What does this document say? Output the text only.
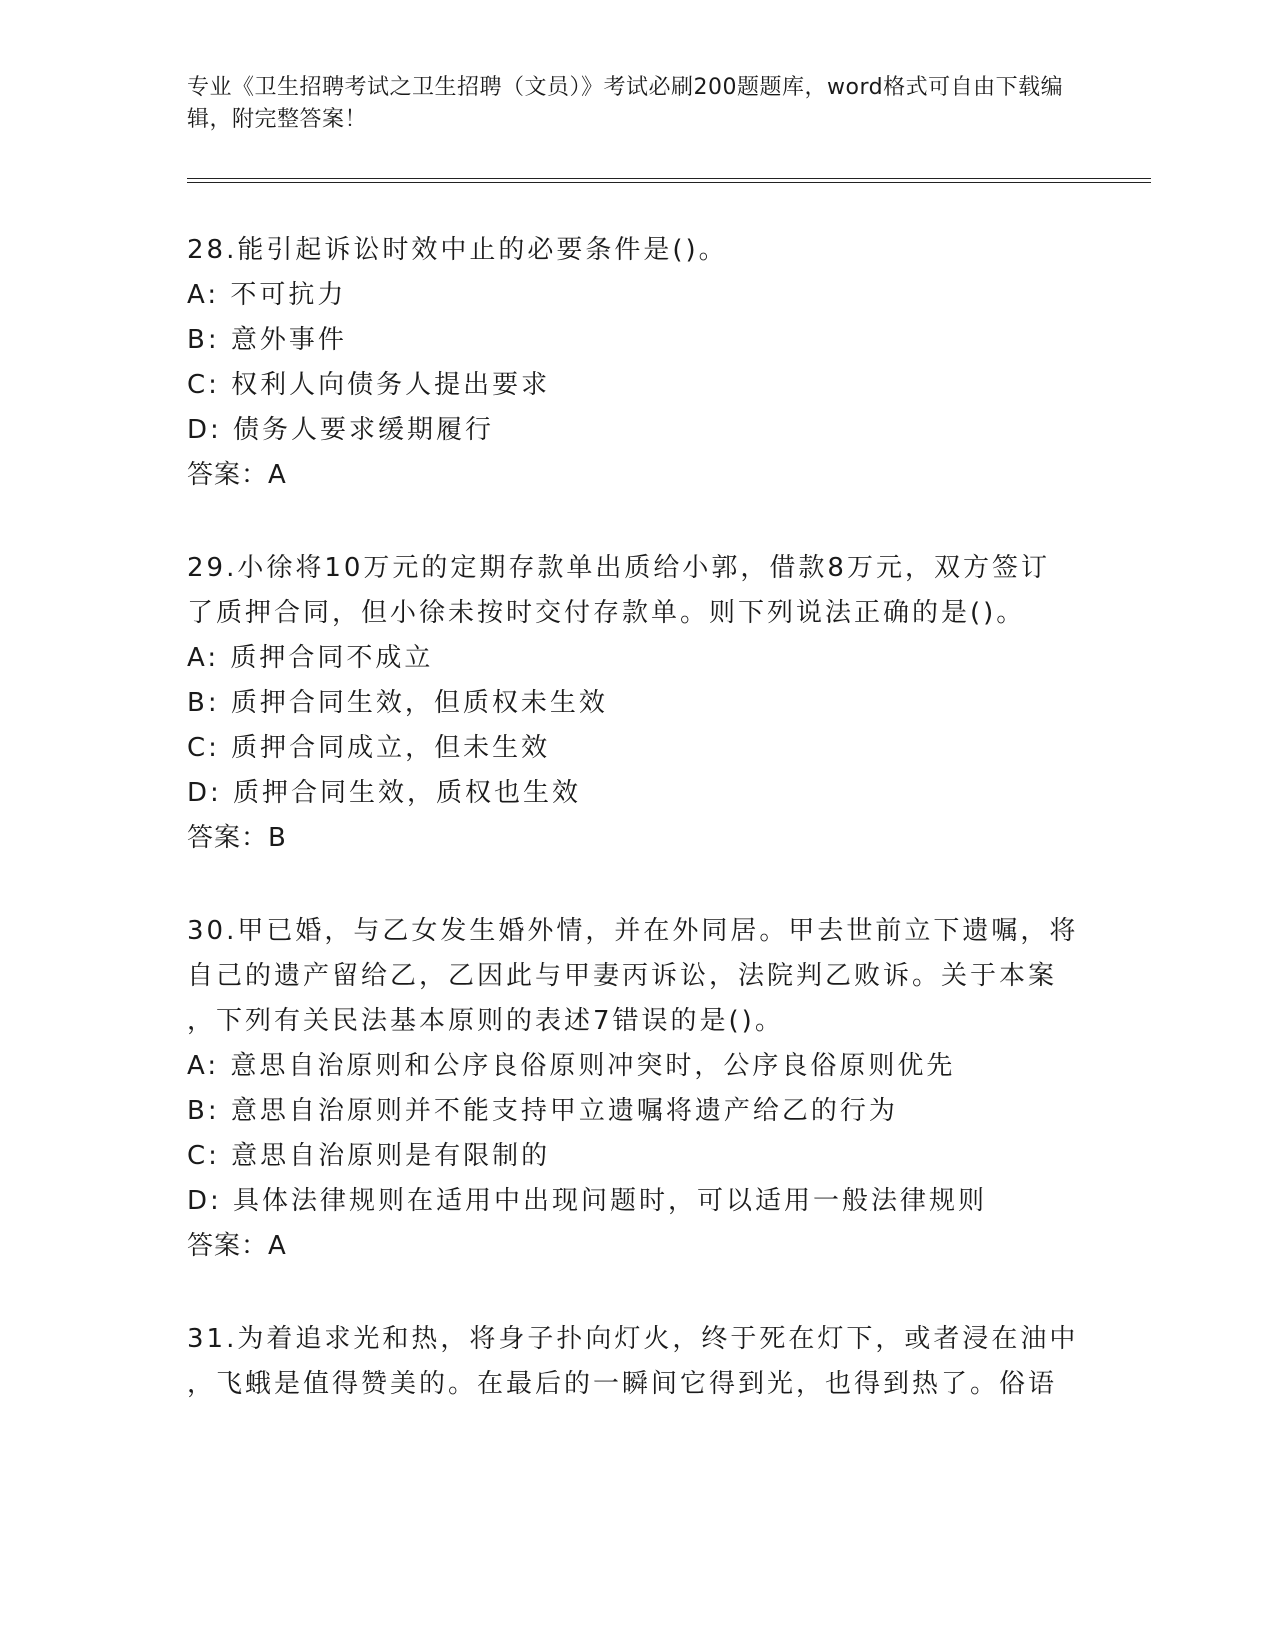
专业《卫生招聘考试之卫生招聘（文员）》考试必刷200题题库，word格式可自由下载编辑，附完整答案！
28.能引起诉讼时效中止的必要条件是()。
A: 不可抗力
B: 意外事件
C: 权利人向债务人提出要求
D: 债务人要求缓期履行
答案：A
29.小徐将10万元的定期存款单出质给小郭，借款8万元，双方签订
了质押合同，但小徐未按时交付存款单。则下列说法正确的是()。
A: 质押合同不成立
B: 质押合同生效，但质权未生效
C: 质押合同成立，但未生效
D: 质押合同生效，质权也生效
答案：B
30.甲已婚，与乙女发生婚外情，并在外同居。甲去世前立下遗嘱，将
自己的遗产留给乙，乙因此与甲妻丙诉讼，法院判乙败诉。关于本案
，下列有关民法基本原则的表述7错误的是()。
A: 意思自治原则和公序良俗原则冲突时，公序良俗原则优先
B: 意思自治原则并不能支持甲立遗嘱将遗产给乙的行为
C: 意思自治原则是有限制的
D: 具体法律规则在适用中出现问题时，可以适用一般法律规则
答案：A
31.为着追求光和热，将身子扑向灯火，终于死在灯下，或者浸在油中
，飞蛾是值得赞美的。在最后的一瞬间它得到光，也得到热了。俗语
